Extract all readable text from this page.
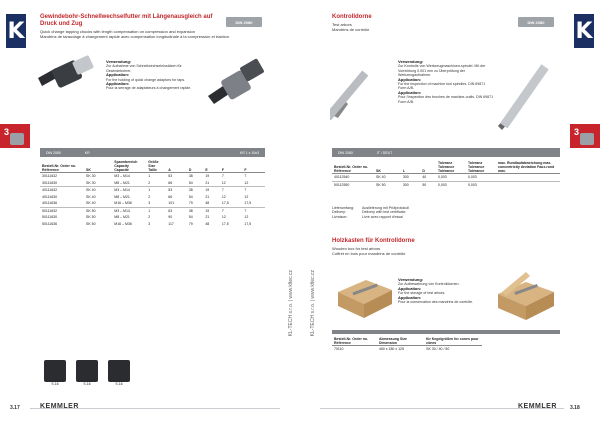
K
3
Gewindebohr-Schnellwechselfutter mit Längenausgleich auf Druck und Zug
Quick change tapping chucks with length compensation on compression and expansion
Mandrins de taraudage à changement rapide avec compensation longitudinale à la compression et traction
DIN 2080
Verwendung:
Zur Aufnahme von Schnellwechseleinsätzen für Gewindebohrer.
Application:
For the holding of quick change adaptors for taps.
Application:
Pour la serrage de adaptateurs à changement rapide.
DIN 2080	KR	KR 1 x 10x3
Bestell-Nr. Order no. Référence	SK	Spannbereich Capacity Capacité	Größe Size Taille	A	D	E	F	F
30111632	SK 30	M3 – M14	1	53	38	19	7	7
30111630	SK 30	M8 – M21	2	66	54	21	12	12
40111632	SK 40	M3 – M14	1	53	38	19	7	7
40111630	SK 40	M8 – M21	2	66	54	21	12	12
40111636	SK 40	M16 – M36	3	101	79	48	17,5	17,5
50111632	SK 50	M3 – M14	1	63	38	19	7	7
50111630	SK 50	M8 – M21	2	90	54	21	12	12
50111636	SK 50	M16 – M36	3	117	79	48	17,5	17,5
S.16	S.16	S.16
KL-TECH s.r.o. | www.kltec.cz
3.17	KEMMLER
KL-TECH s.r.o. | www.kltec.cz
K
3
Kontrolldorne
Test arbors
Mandrins de contrôle
DIN 2080
Verwendung:
Zur Kontrolle von Werkzeugmaschinen-spindel. Mit der Vorrichtung 0.001 mm zu Überprüfung der Werkzeugaufnahme.
Application:
For the inspection of machine tool spindles. DIN 69871 Form A/B.
Application:
Pour l'inspection des broches de machine-outils. DIN 69871 Form A/B.
DIN 2080	IT / DEUT
Bestell-Nr. Order no. Référence	SK	L	D	Toleranz Tolerance Tolérance	Toleranz Tolerance Tolérance	max. Rundlaufabweichung max. concentricity deviation Faux-rond max.
40112540	SK 40	300	40	0,003	0,003	
50112550	SK 50	300	50	0,003	0,003	
Lieferumfang: Auslieferung mit Prüfprotokoll
Delivery:	Delivery with test certificate
Livraison:	Livré avec rapport d'essai
Holzkasten für Kontrolldorne
Wooden box for test arbors
Coffret en bois pour mandrins de contrôle
Verwendung:
Zur Aufbewahrung von Kontrolldornen.
Application:
For the storage of test arbors.
Application:
Pour la conservation des mandrins de contrôle.
Bestell-Nr. Order no. Référence	Abmessung Size Dimension	für Kegelgrößen for cones pour cônes
70110	460 x 180 x 125	SK 30 / 40 / 50
KEMMLER	3.18
